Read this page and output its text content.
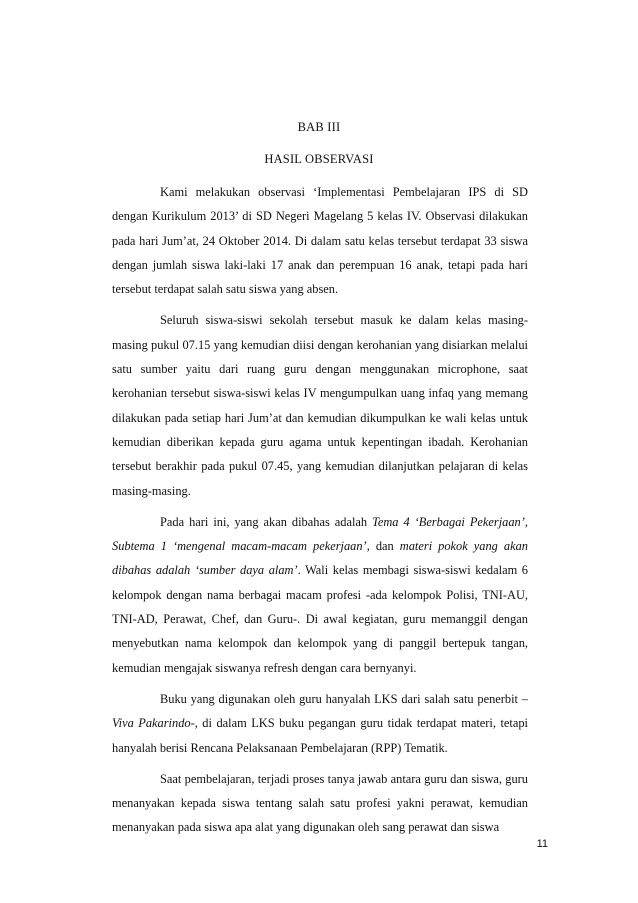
BAB III
HASIL OBSERVASI

Kami melakukan observasi ‘Implementasi Pembelajaran IPS di SD dengan Kurikulum 2013’ di SD Negeri Magelang 5 kelas IV. Observasi dilakukan pada hari Jum’at, 24 Oktober 2014. Di dalam satu kelas tersebut terdapat 33 siswa dengan jumlah siswa laki-laki 17 anak dan perempuan 16 anak, tetapi pada hari tersebut terdapat salah satu siswa yang absen.

Seluruh siswa-siswi sekolah tersebut masuk ke dalam kelas masing-masing pukul 07.15 yang kemudian diisi dengan kerohanian yang disiarkan melalui satu sumber yaitu dari ruang guru dengan menggunakan microphone, saat kerohanian tersebut siswa-siswi kelas IV mengumpulkan uang infaq yang memang dilakukan pada setiap hari Jum’at dan kemudian dikumpulkan ke wali kelas untuk kemudian diberikan kepada guru agama untuk kepentingan ibadah. Kerohanian tersebut berakhir pada pukul 07.45, yang kemudian dilanjutkan pelajaran di kelas masing-masing.

Pada hari ini, yang akan dibahas adalah Tema 4 ‘Berbagai Pekerjaan’, Subtema 1 ‘mengenal macam-macam pekerjaan’, dan materi pokok yang akan dibahas adalah ‘sumber daya alam’. Wali kelas membagi siswa-siswi kedalam 6 kelompok dengan nama berbagai macam profesi -ada kelompok Polisi, TNI-AU, TNI-AD, Perawat, Chef, dan Guru-. Di awal kegiatan, guru memanggil dengan menyebutkan nama kelompok dan kelompok yang di panggil bertepuk tangan, kemudian mengajak siswanya refresh dengan cara bernyanyi.

Buku yang digunakan oleh guru hanyalah LKS dari salah satu penerbit – Viva Pakarindo-, di dalam LKS buku pegangan guru tidak terdapat materi, tetapi hanyalah berisi Rencana Pelaksanaan Pembelajaran (RPP) Tematik.

Saat pembelajaran, terjadi proses tanya jawab antara guru dan siswa, guru menanyakan kepada siswa tentang salah satu profesi yakni perawat, kemudian menanyakan pada siswa apa alat yang digunakan oleh sang perawat dan siswa

11
